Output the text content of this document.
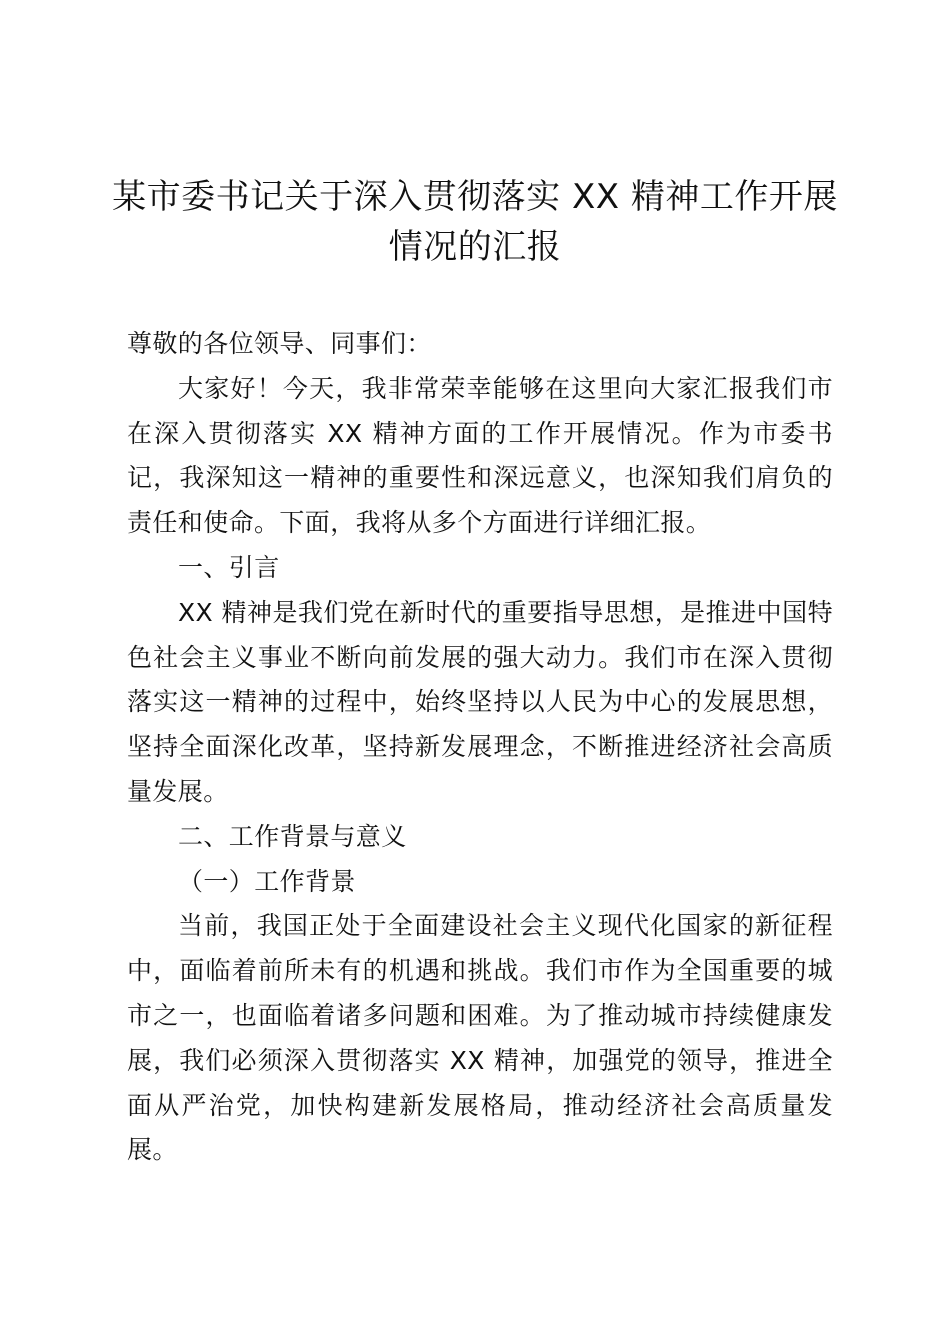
某市委书记关于深入贯彻落实 XX 精神工作开展情况的汇报

尊敬的各位领导、同事们：

大家好！今天，我非常荣幸能够在这里向大家汇报我们市在深入贯彻落实 XX 精神方面的工作开展情况。作为市委书记，我深知这一精神的重要性和深远意义，也深知我们肩负的责任和使命。下面，我将从多个方面进行详细汇报。

一、引言

XX 精神是我们党在新时代的重要指导思想，是推进中国特色社会主义事业不断向前发展的强大动力。我们市在深入贯彻落实这一精神的过程中，始终坚持以人民为中心的发展思想，坚持全面深化改革，坚持新发展理念，不断推进经济社会高质量发展。

二、工作背景与意义

（一）工作背景

当前，我国正处于全面建设社会主义现代化国家的新征程中，面临着前所未有的机遇和挑战。我们市作为全国重要的城市之一，也面临着诸多问题和困难。为了推动城市持续健康发展，我们必须深入贯彻落实 XX 精神，加强党的领导，推进全面从严治党，加快构建新发展格局，推动经济社会高质量发展。
